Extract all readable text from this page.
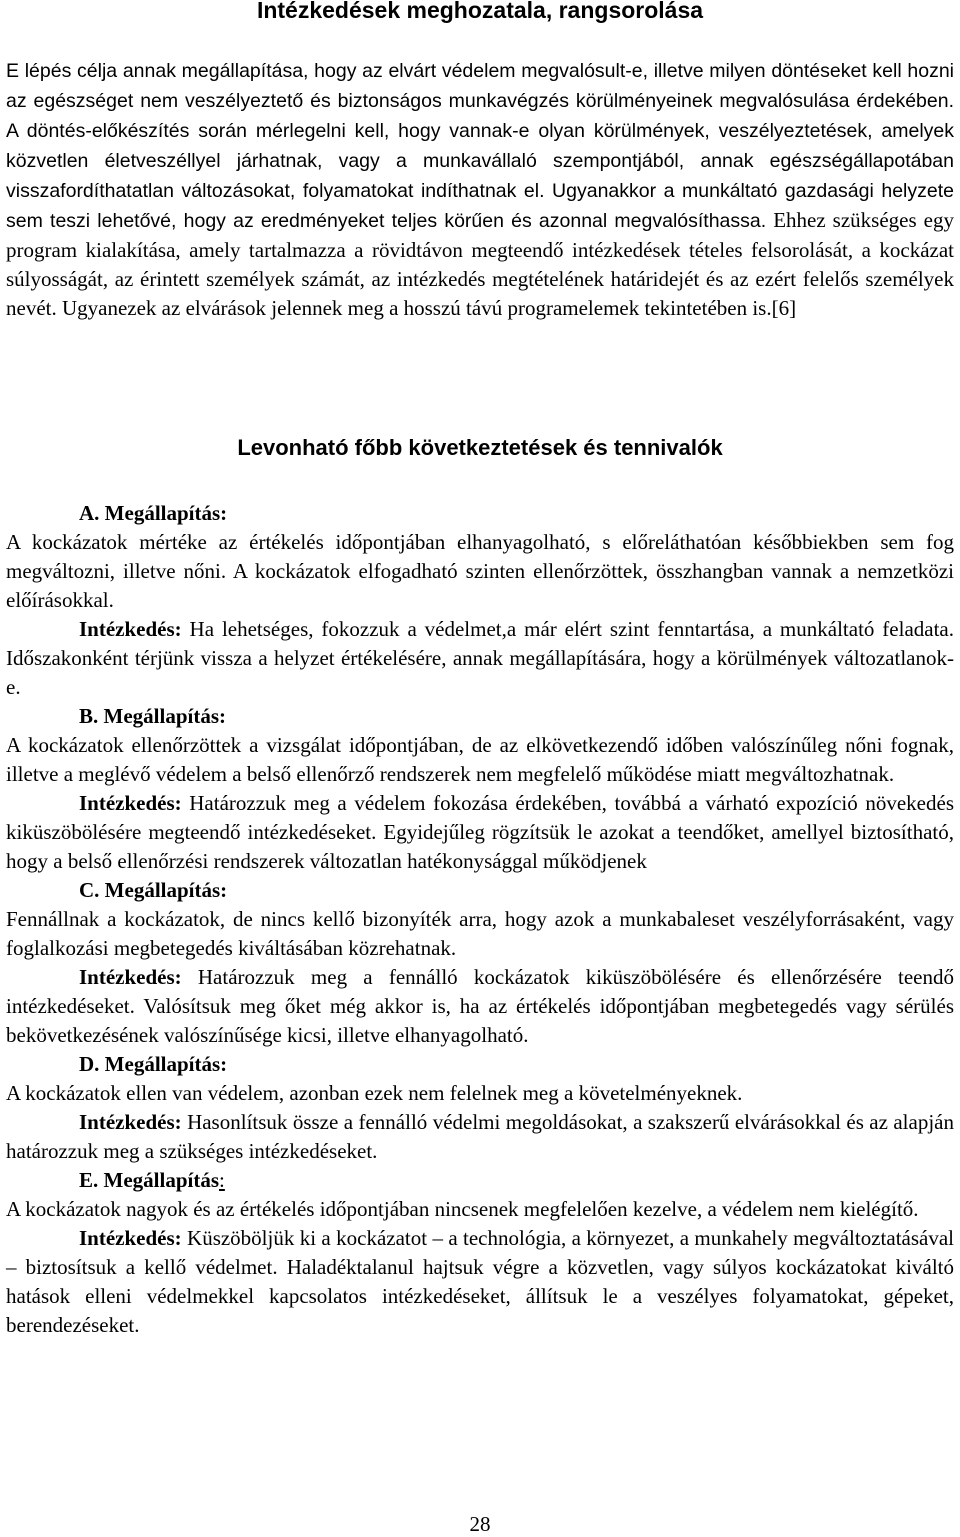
Intézkedések meghozatala, rangsorolása
E lépés célja annak megállapítása, hogy az elvárt védelem megvalósult-e, illetve milyen döntéseket kell hozni az egészséget nem veszélyeztető és biztonságos munkavégzés körülményeinek megvalósulása érdekében. A döntés-előkészítés során mérlegelni kell, hogy vannak-e olyan körülmények, veszélyeztetések, amelyek közvetlen életveszéllyel járhatnak, vagy a munkavállaló szempontjából, annak egészségállapotában visszafordíthatatlan változásokat, folyamatokat indíthatnak el. Ugyanakkor a munkáltató gazdasági helyzete sem teszi lehetővé, hogy az eredményeket teljes körűen és azonnal megvalósíthassa. Ehhez szükséges egy program kialakítása, amely tartalmazza a rövidtávon megteendő intézkedések tételes felsorolását, a kockázat súlyosságát, az érintett személyek számát, az intézkedés megtételének határidejét és az ezért felelős személyek nevét. Ugyanezek az elvárások jelennek meg a hosszú távú programelemek tekintetében is.[6]
Levonható főbb következtetések és tennivalók

A. Megállapítás:

A kockázatok mértéke az értékelés időpontjában elhanyagolható, s előreláthatóan későbbiekben sem fog megváltozni, illetve nőni. A kockázatok elfogadható szinten ellenőrzöttek, összhangban vannak a nemzetközi előírásokkal.

Intézkedés: Ha lehetséges, fokozzuk a védelmet,a már elért szint fenntartása, a munkáltató feladata. Időszakonként térjünk vissza a helyzet értékelésére, annak megállapítására, hogy a körülmények változatlanok-e.

B. Megállapítás:

A kockázatok ellenőrzöttek a vizsgálat időpontjában, de az elkövetkezendő időben valószínűleg nőni fognak, illetve a meglévő védelem a belső ellenőrző rendszerek nem megfelelő működése miatt megváltozhatnak.

Intézkedés: Határozzuk meg a védelem fokozása érdekében, továbbá a várható expozíció növekedés kiküszöbölésére megteendő intézkedéseket. Egyidejűleg rögzítsük le azokat a teendőket, amellyel biztosítható, hogy a belső ellenőrzési rendszerek változatlan hatékonysággal működjenek

C. Megállapítás:

Fennállnak a kockázatok, de nincs kellő bizonyíték arra, hogy azok a munkabaleset veszélyforrásaként, vagy foglalkozási megbetegedés kiváltásában közrehatnak.

Intézkedés: Határozzuk meg a fennálló kockázatok kiküszöbölésére és ellenőrzésére teendő intézkedéseket. Valósítsuk meg őket még akkor is, ha az értékelés időpontjában megbetegedés vagy sérülés bekövetkezésének valószínűsége kicsi, illetve elhanyagolható.

D. Megállapítás:

A kockázatok ellen van védelem, azonban ezek nem felelnek meg a követelményeknek.

Intézkedés: Hasonlítsuk össze a fennálló védelmi megoldásokat, a szakszerű elvárásokkal és az alapján határozzuk meg a szükséges intézkedéseket.

E. Megállapítás:

A kockázatok nagyok és az értékelés időpontjában nincsenek megfelelően kezelve, a védelem nem kielégítő.

Intézkedés: Küszöböljük ki a kockázatot – a technológia, a környezet, a munkahely megváltoztatásával – biztosítsuk a kellő védelmet. Haladéktalanul hajtsuk végre a közvetlen, vagy súlyos kockázatokat kiváltó hatások elleni védelmekkel kapcsolatos intézkedéseket, állítsuk le a veszélyes folyamatokat, gépeket, berendezéseket.

28
